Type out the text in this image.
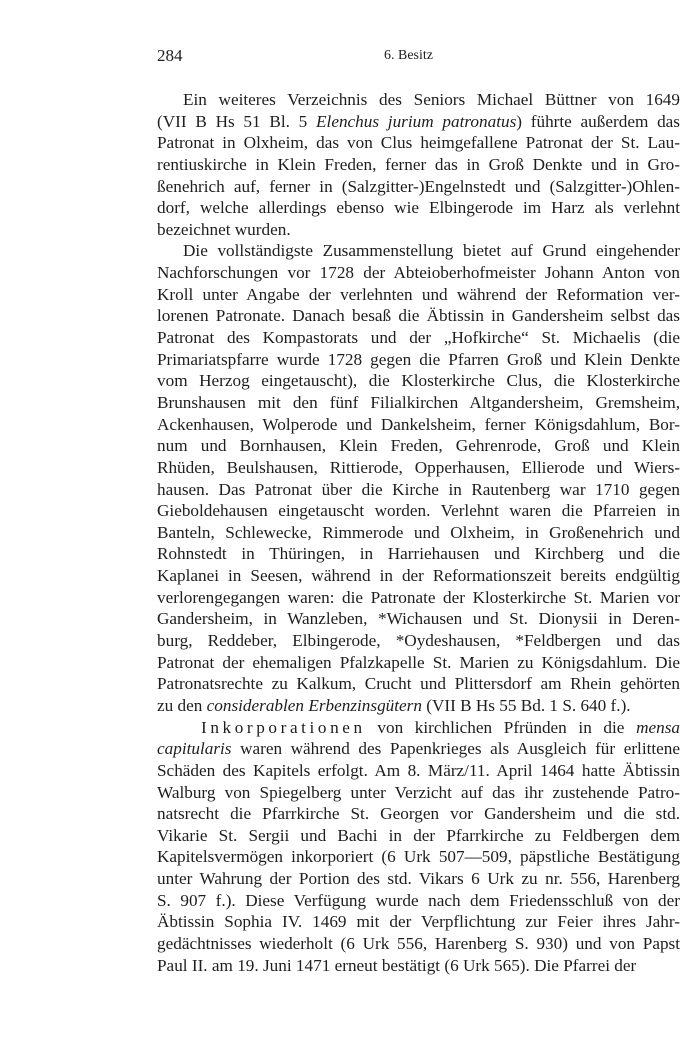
284	6. Besitz
Ein weiteres Verzeichnis des Seniors Michael Büttner von 1649
(VII B Hs 51 Bl. 5 Elenchus jurium patronatus) führte außerdem das
Patronat in Olxheim, das von Clus heimgefallene Patronat der St. Lau-
rentiuskirche in Klein Freden, ferner das in Groß Denkte und in Gro-
ßenehrich auf, ferner in (Salzgitter-)Engelnstedt und (Salzgitter-)Ohlen-
dorf, welche allerdings ebenso wie Elbingerode im Harz als verlehnt
bezeichnet wurden.
Die vollständigste Zusammenstellung bietet auf Grund eingehender
Nachforschungen vor 1728 der Abteioberhofmeister Johann Anton von
Kroll unter Angabe der verlehnten und während der Reformation ver-
lorenen Patronate. Danach besaß die Äbtissin in Gandersheim selbst das
Patronat des Kompastorats und der „Hofkirche“ St. Michaelis (die
Primariatspfarre wurde 1728 gegen die Pfarren Groß und Klein Denkte
vom Herzog eingetauscht), die Klosterkirche Clus, die Klosterkirche
Brunshausen mit den fünf Filialkirchen Altgandersheim, Gremsheim,
Ackenhausen, Wolperode und Dankelsheim, ferner Königsdahlum, Bor-
num und Bornhausen, Klein Freden, Gehrenrode, Groß und Klein
Rhüden, Beulshausen, Rittierode, Opperhausen, Ellierode und Wiers-
hausen. Das Patronat über die Kirche in Rautenberg war 1710 gegen
Gieboldehausen eingetauscht worden. Verlehnt waren die Pfarreien in
Banteln, Schlewecke, Rimmerode und Olxheim, in Großenehrich und
Rohnstedt in Thüringen, in Harriehausen und Kirchberg und die
Kaplanei in Seesen, während in der Reformationszeit bereits endgültig
verlorengegangen waren: die Patronate der Klosterkirche St. Marien vor
Gandersheim, in Wanzleben, *Wichausen und St. Dionysii in Deren-
burg, Reddeber, Elbingerode, *Oydeshausen, *Feldbergen und das
Patronat der ehemaligen Pfalzkapelle St. Marien zu Königsdahlum. Die
Patronatsrechte zu Kalkum, Crucht und Plittersdorf am Rhein gehörten
zu den considerablen Erbenzinsgütern (VII B Hs 55 Bd. 1 S. 640 f.).
Inkorporationen von kirchlichen Pfründen in die mensa
capitularis waren während des Papenkrieges als Ausgleich für erlittene
Schäden des Kapitels erfolgt. Am 8. März/11. April 1464 hatte Äbtissin
Walburg von Spiegelberg unter Verzicht auf das ihr zustehende Patro-
natsrecht die Pfarrkirche St. Georgen vor Gandersheim und die std.
Vikarie St. Sergii und Bachi in der Pfarrkirche zu Feldbergen dem
Kapitelsvermögen inkorporiert (6 Urk 507—509, päpstliche Bestätigung
unter Wahrung der Portion des std. Vikars 6 Urk zu nr. 556, Harenberg
S. 907 f.). Diese Verfügung wurde nach dem Friedensschluß von der
Äbtissin Sophia IV. 1469 mit der Verpflichtung zur Feier ihres Jahr-
gedächtnisses wiederholt (6 Urk 556, Harenberg S. 930) und von Papst
Paul II. am 19. Juni 1471 erneut bestätigt (6 Urk 565). Die Pfarrei der
